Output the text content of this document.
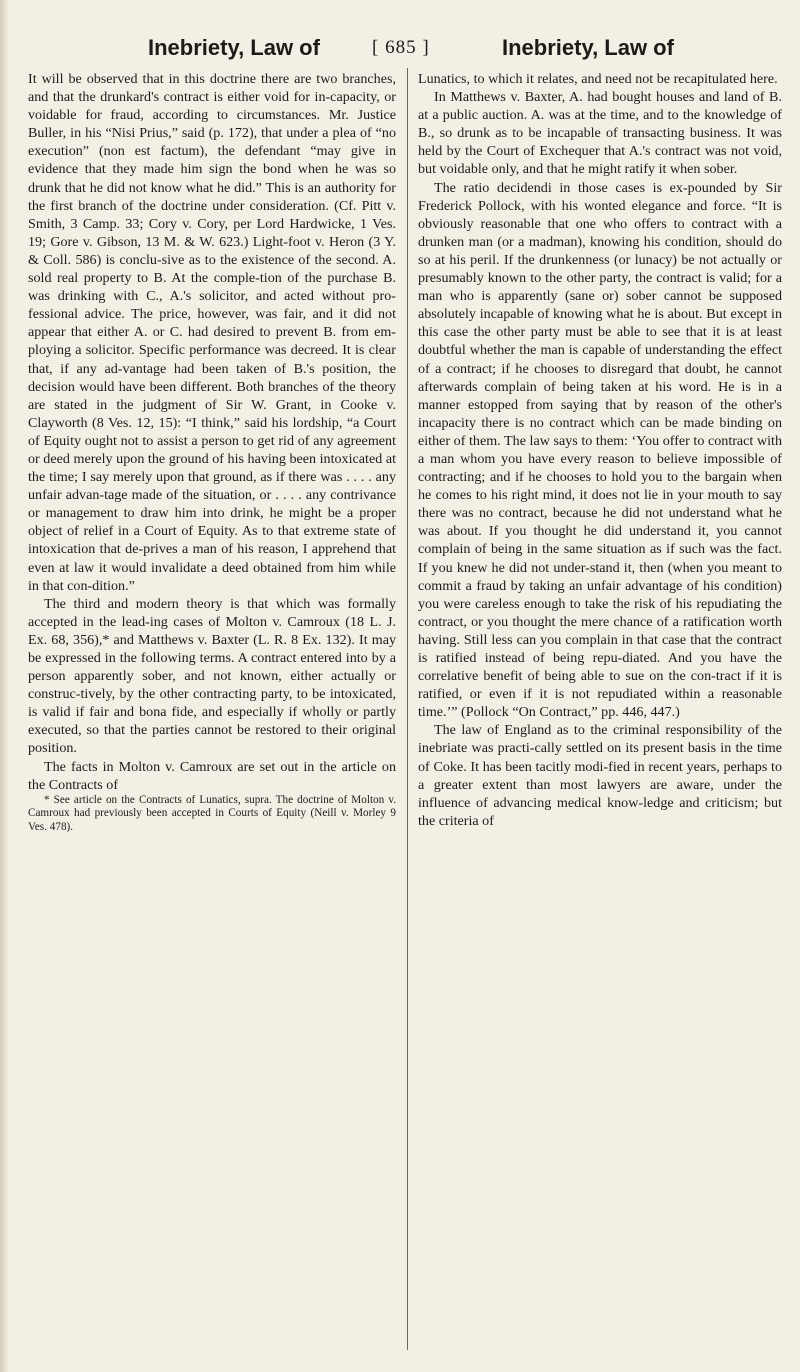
Inebriety, Law of	[ 685 ]	Inebriety, Law of

It will be observed that in this doctrine there are two branches, and that the drunkard's contract is either void for in-capacity, or voidable for fraud, according to circumstances. Mr. Justice Buller, in his “Nisi Prius,” said (p. 172), that under a plea of “no execution” (non est factum), the defendant “may give in evidence that they made him sign the bond when he was so drunk that he did not know what he did.” This is an authority for the first branch of the doctrine under consideration. (Cf. Pitt v. Smith, 3 Camp. 33; Cory v. Cory, per Lord Hardwicke, 1 Ves. 19; Gore v. Gibson, 13 M. & W. 623.) Light-foot v. Heron (3 Y. & Coll. 586) is conclu-sive as to the existence of the second. A. sold real property to B. At the comple-tion of the purchase B. was drinking with C., A.'s solicitor, and acted without pro-fessional advice. The price, however, was fair, and it did not appear that either A. or C. had desired to prevent B. from em-ploying a solicitor. Specific performance was decreed. It is clear that, if any ad-vantage had been taken of B.'s position, the decision would have been different. Both branches of the theory are stated in the judgment of Sir W. Grant, in Cooke v. Clayworth (8 Ves. 12, 15): “I think,” said his lordship, “a Court of Equity ought not to assist a person to get rid of any agreement or deed merely upon the ground of his having been intoxicated at the time; I say merely upon that ground, as if there was . . . . any unfair advan-tage made of the situation, or . . . . any contrivance or management to draw him into drink, he might be a proper object of relief in a Court of Equity. As to that extreme state of intoxication that de-prives a man of his reason, I apprehend that even at law it would invalidate a deed obtained from him while in that con-dition.”

The third and modern theory is that which was formally accepted in the lead-ing cases of Molton v. Camroux (18 L. J. Ex. 68, 356),* and Matthews v. Baxter (L. R. 8 Ex. 132). It may be expressed in the following terms. A contract entered into by a person apparently sober, and not known, either actually or construc-tively, by the other contracting party, to be intoxicated, is valid if fair and bona fide, and especially if wholly or partly executed, so that the parties cannot be restored to their original position.

The facts in Molton v. Camroux are set out in the article on the Contracts of

* See article on the Contracts of Lunatics, supra. The doctrine of Molton v. Camroux had previously been accepted in Courts of Equity (Neill v. Morley 9 Ves. 478).

Lunatics, to which it relates, and need not be recapitulated here.

In Matthews v. Baxter, A. had bought houses and land of B. at a public auction. A. was at the time, and to the knowledge of B., so drunk as to be incapable of transacting business. It was held by the Court of Exchequer that A.'s contract was not void, but voidable only, and that he might ratify it when sober.

The ratio decidendi in those cases is ex-pounded by Sir Frederick Pollock, with his wonted elegance and force. “It is obviously reasonable that one who offers to contract with a drunken man (or a madman), knowing his condition, should do so at his peril. If the drunkenness (or lunacy) be not actually or presumably known to the other party, the contract is valid; for a man who is apparently (sane or) sober cannot be supposed absolutely incapable of knowing what he is about. But except in this case the other party must be able to see that it is at least doubtful whether the man is capable of understanding the effect of a contract; if he chooses to disregard that doubt, he cannot afterwards complain of being taken at his word. He is in a manner estopped from saying that by reason of the other's incapacity there is no contract which can be made binding on either of them. The law says to them: ‘You offer to contract with a man whom you have every reason to believe impossible of contracting; and if he chooses to hold you to the bargain when he comes to his right mind, it does not lie in your mouth to say there was no contract, because he did not understand what he was about. If you thought he did understand it, you cannot complain of being in the same situation as if such was the fact. If you knew he did not under-stand it, then (when you meant to commit a fraud by taking an unfair advantage of his condition) you were careless enough to take the risk of his repudiating the contract, or you thought the mere chance of a ratification worth having. Still less can you complain in that case that the contract is ratified instead of being repu-diated. And you have the correlative benefit of being able to sue on the con-tract if it is ratified, or even if it is not repudiated within a reasonable time.’” (Pollock “On Contract,” pp. 446, 447.)

The law of England as to the criminal responsibility of the inebriate was practi-cally settled on its present basis in the time of Coke. It has been tacitly modi-fied in recent years, perhaps to a greater extent than most lawyers are aware, under the influence of advancing medical know-ledge and criticism; but the criteria of
